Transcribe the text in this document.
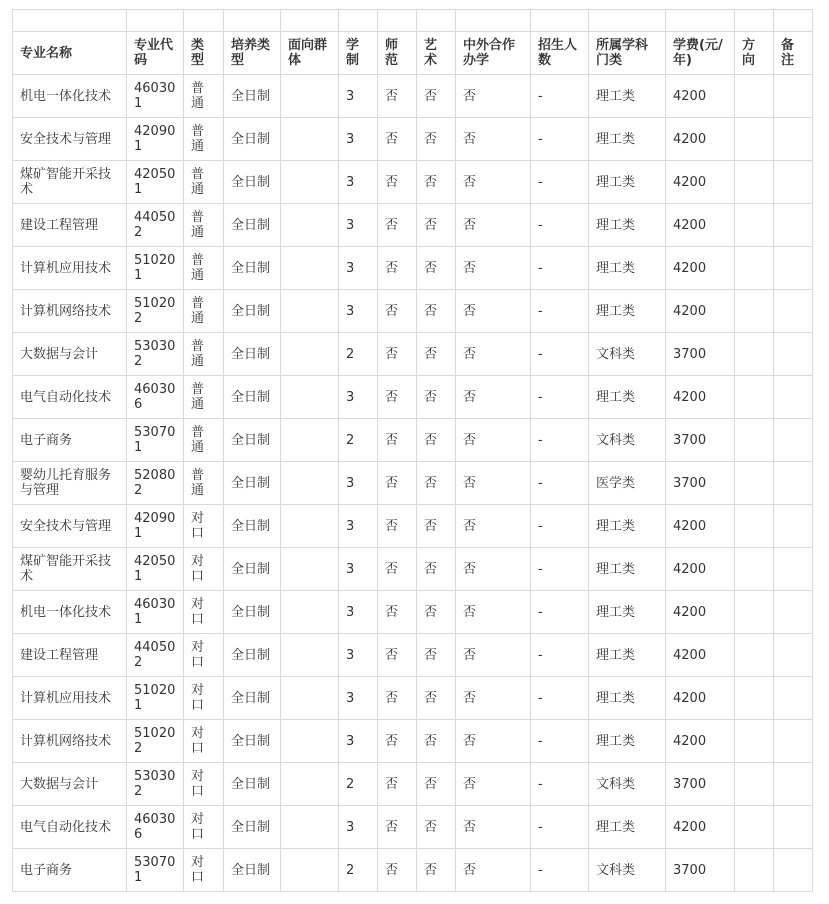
专业名称	专业代码	类型	培养类型	面向群体	学制	师范	艺术	中外合作办学	招生人数	所属学科门类	学费(元/年)	方向	备注
机电一体化技术	460301	普通	全日制		3	否	否	否	-	理工类	4200		
安全技术与管理	420901	普通	全日制		3	否	否	否	-	理工类	4200		
煤矿智能开采技术	420501	普通	全日制		3	否	否	否	-	理工类	4200		
建设工程管理	440502	普通	全日制		3	否	否	否	-	理工类	4200		
计算机应用技术	510201	普通	全日制		3	否	否	否	-	理工类	4200		
计算机网络技术	510202	普通	全日制		3	否	否	否	-	理工类	4200		
大数据与会计	530302	普通	全日制		2	否	否	否	-	文科类	3700		
电气自动化技术	460306	普通	全日制		3	否	否	否	-	理工类	4200		
电子商务	530701	普通	全日制		2	否	否	否	-	文科类	3700		
婴幼儿托育服务与管理	520802	普通	全日制		3	否	否	否	-	医学类	3700		
安全技术与管理	420901	对口	全日制		3	否	否	否	-	理工类	4200		
煤矿智能开采技术	420501	对口	全日制		3	否	否	否	-	理工类	4200		
机电一体化技术	460301	对口	全日制		3	否	否	否	-	理工类	4200		
建设工程管理	440502	对口	全日制		3	否	否	否	-	理工类	4200		
计算机应用技术	510201	对口	全日制		3	否	否	否	-	理工类	4200		
计算机网络技术	510202	对口	全日制		3	否	否	否	-	理工类	4200		
大数据与会计	530302	对口	全日制		2	否	否	否	-	文科类	3700		
电气自动化技术	460306	对口	全日制		3	否	否	否	-	理工类	4200		
电子商务	530701	对口	全日制		2	否	否	否	-	文科类	3700		
